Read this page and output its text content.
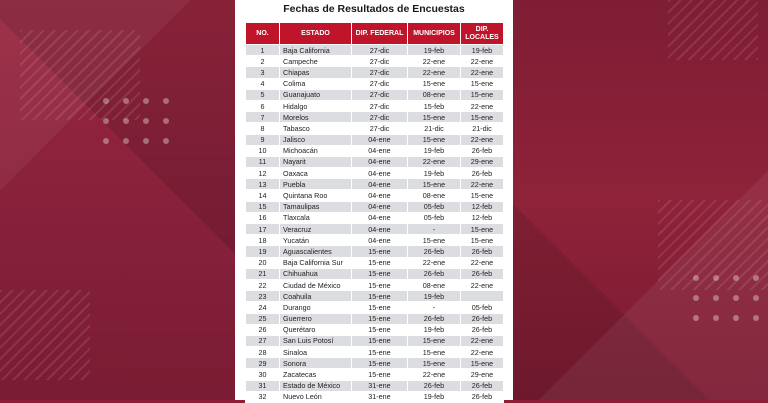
Fechas de Resultados de Encuestas
NO.	ESTADO	DIP. FEDERAL	MUNICIPIOS	DIP. LOCALES
1	Baja California	27-dic	19-feb	19-feb
2	Campeche	27-dic	22-ene	22-ene
3	Chiapas	27-dic	22-ene	22-ene
4	Colima	27-dic	15-ene	15-ene
5	Guanajuato	27-dic	08-ene	15-ene
6	Hidalgo	27-dic	15-feb	22-ene
7	Morelos	27-dic	15-ene	15-ene
8	Tabasco	27-dic	21-dic	21-dic
9	Jalisco	04-ene	15-ene	22-ene
10	Michoacán	04-ene	19-feb	26-feb
11	Nayarit	04-ene	22-ene	29-ene
12	Oaxaca	04-ene	19-feb	26-feb
13	Puebla	04-ene	15-ene	22-ene
14	Quintana Roo	04-ene	08-ene	15-ene
15	Tamaulipas	04-ene	05-feb	12-feb
16	Tlaxcala	04-ene	05-feb	12-feb
17	Veracruz	04-ene	-	15-ene
18	Yucatán	04-ene	15-ene	15-ene
19	Aguascalientes	15-ene	26-feb	26-feb
20	Baja California Sur	15-ene	22-ene	22-ene
21	Chihuahua	15-ene	26-feb	26-feb
22	Ciudad de México	15-ene	08-ene	22-ene
23	Coahuila	15-ene	19-feb	
24	Durango	15-ene	-	05-feb
25	Guerrero	15-ene	26-feb	26-feb
26	Querétaro	15-ene	19-feb	26-feb
27	San Luis Potosí	15-ene	15-ene	22-ene
28	Sinaloa	15-ene	15-ene	22-ene
29	Sonora	15-ene	15-ene	15-ene
30	Zacatecas	15-ene	22-ene	29-ene
31	Estado de México	31-ene	26-feb	26-feb
32	Nuevo León	31-ene	19-feb	26-feb
